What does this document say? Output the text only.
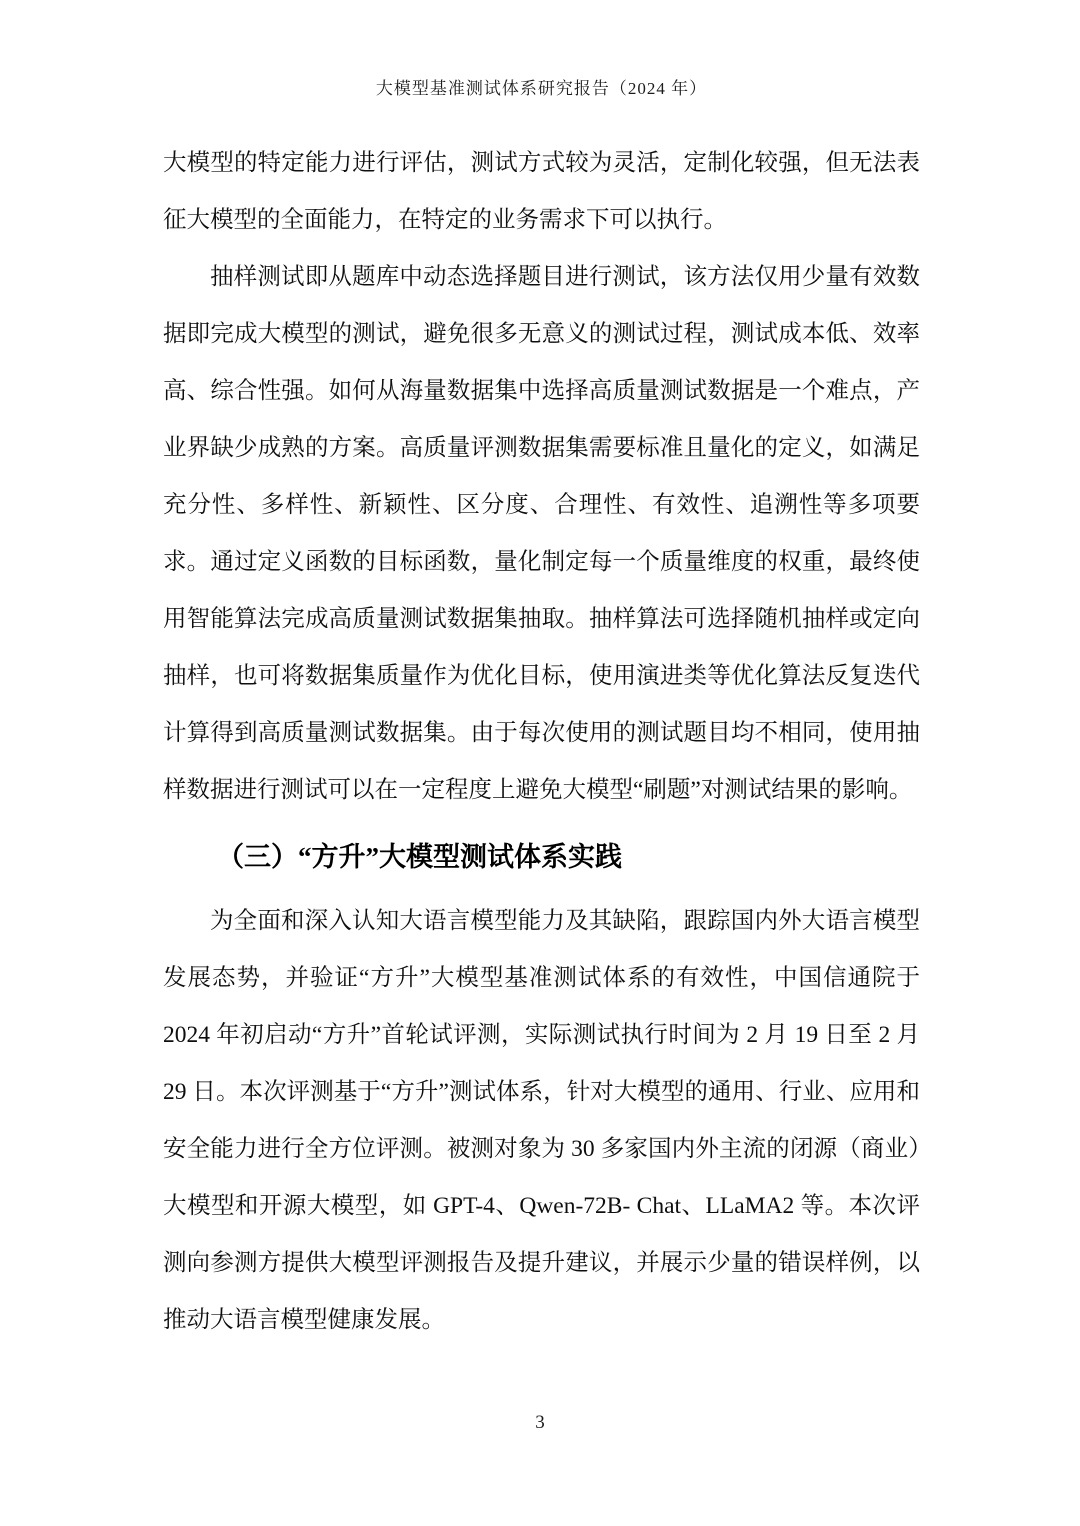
大模型基准测试体系研究报告（2024 年）

大模型的特定能力进行评估，测试方式较为灵活，定制化较强，但无法表征大模型的全面能力，在特定的业务需求下可以执行。

抽样测试即从题库中动态选择题目进行测试，该方法仅用少量有效数据即完成大模型的测试，避免很多无意义的测试过程，测试成本低、效率高、综合性强。如何从海量数据集中选择高质量测试数据是一个难点，产业界缺少成熟的方案。高质量评测数据集需要标准且量化的定义，如满足充分性、多样性、新颖性、区分度、合理性、有效性、追溯性等多项要求。通过定义函数的目标函数，量化制定每一个质量维度的权重，最终使用智能算法完成高质量测试数据集抽取。抽样算法可选择随机抽样或定向抽样，也可将数据集质量作为优化目标，使用演进类等优化算法反复迭代计算得到高质量测试数据集。由于每次使用的测试题目均不相同，使用抽样数据进行测试可以在一定程度上避免大模型“刷题”对测试结果的影响。

（三）“方升”大模型测试体系实践

为全面和深入认知大语言模型能力及其缺陷，跟踪国内外大语言模型发展态势，并验证“方升”大模型基准测试体系的有效性，中国信通院于 2024 年初启动“方升”首轮试评测，实际测试执行时间为 2 月 19 日至 2 月 29 日。本次评测基于“方升”测试体系，针对大模型的通用、行业、应用和安全能力进行全方位评测。被测对象为 30 多家国内外主流的闭源（商业）大模型和开源大模型，如 GPT-4、Qwen-72B- Chat、LLaMA2 等。本次评测向参测方提供大模型评测报告及提升建议，并展示少量的错误样例，以推动大语言模型健康发展。

3
